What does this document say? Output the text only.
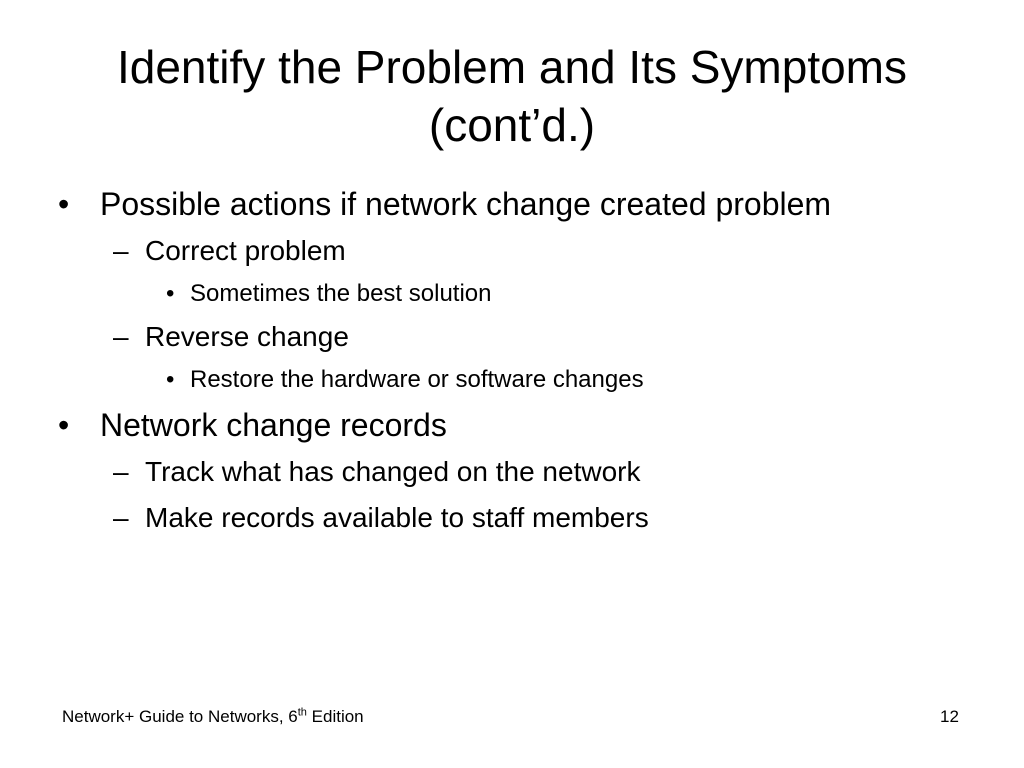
Identify the Problem and Its Symptoms
(cont’d.)
• Possible actions if network change created problem
– Correct problem
• Sometimes the best solution
– Reverse change
• Restore the hardware or software changes
• Network change records
– Track what has changed on the network
– Make records available to staff members
Network+ Guide to Networks, 6th Edition	12
